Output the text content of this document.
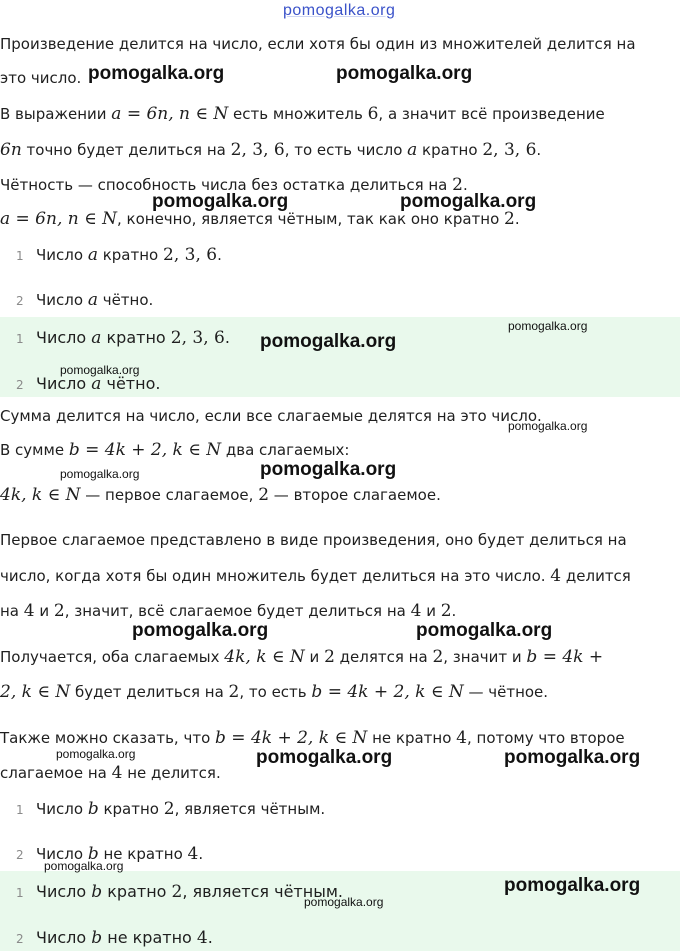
pomogalka.org
Произведение делится на число, если хотя бы один из множителей делится на
это число.
В выражении a = 6n, n ∈ N есть множитель 6, а значит всё произведение
6n точно будет делиться на 2, 3, 6, то есть число a кратно 2, 3, 6.
Чётность — способность числа без остатка делиться на 2.
a = 6n, n ∈ N, конечно, является чётным, так как оно кратно 2.
1 Число a кратно 2, 3, 6.
2 Число a чётно.
1 Число a кратно 2, 3, 6.
2 Число a чётно.
Сумма делится на число, если все слагаемые делятся на это число.
В сумме b = 4k + 2, k ∈ N два слагаемых:
4k, k ∈ N — первое слагаемое, 2 — второе слагаемое.
Первое слагаемое представлено в виде произведения, оно будет делиться на
число, когда хотя бы один множитель будет делиться на это число. 4 делится
на 4 и 2, значит, всё слагаемое будет делиться на 4 и 2.
Получается, оба слагаемых 4k, k ∈ N и 2 делятся на 2, значит и b = 4k +
2, k ∈ N будет делиться на 2, то есть b = 4k + 2, k ∈ N — чётное.
Также можно сказать, что b = 4k + 2, k ∈ N не кратно 4, потому что второе
слагаемое на 4 не делится.
1 Число b кратно 2, является чётным.
2 Число b не кратно 4.
1 Число b кратно 2, является чётным.
2 Число b не кратно 4.
pomogalka.org	pomogalka.org
pomogalka.org	pomogalka.org
pomogalka.org
pomogalka.org
pomogalka.org
pomogalka.org
pomogalka.org	pomogalka.org
pomogalka.org	pomogalka.org
pomogalka.org	pomogalka.org	pomogalka.org
pomogalka.org
pomogalka.org
pomogalka.org
